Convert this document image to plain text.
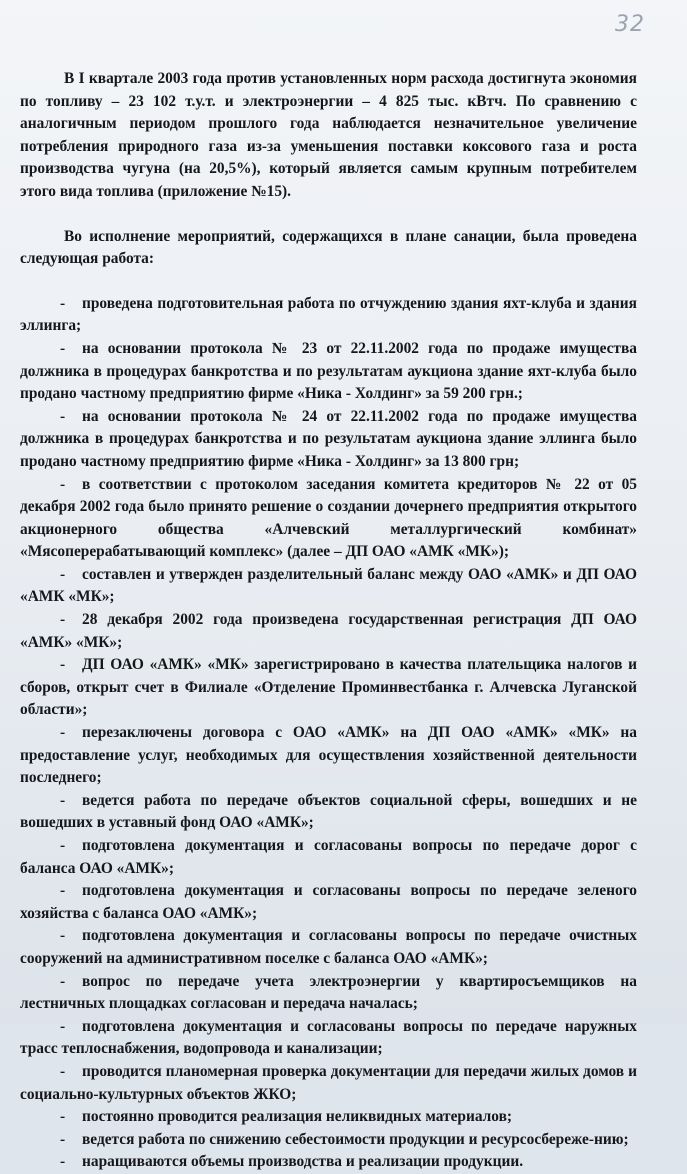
32

В I квартале 2003 года против установленных норм расхода достигнута экономия по топливу – 23 102 т.у.т. и электроэнергии – 4 825 тыс. кВтч. По сравнению с аналогичным периодом прошлого года наблюдается незначительное увеличение потребления природного газа из-за уменьшения поставки коксового газа и роста производства чугуна (на 20,5%), который является самым крупным потребителем этого вида топлива (приложение №15).

Во исполнение мероприятий, содержащихся в плане санации, была проведена следующая работа:

- проведена подготовительная работа по отчуждению здания яхт-клуба и здания эллинга;

- на основании протокола № 23 от 22.11.2002 года по продаже имущества должника в процедурах банкротства и по результатам аукциона здание яхт-клуба было продано частному предприятию фирме «Ника - Холдинг» за 59 200 грн.;

- на основании протокола № 24 от 22.11.2002 года по продаже имущества должника в процедурах банкротства и по результатам аукциона здание эллинга было продано частному предприятию фирме «Ника - Холдинг» за 13 800 грн;

- в соответствии с протоколом заседания комитета кредиторов № 22 от 05 декабря 2002 года было принято решение о создании дочернего предприятия открытого акционерного общества «Алчевский металлургический комбинат» «Мясоперерабатывающий комплекс» (далее – ДП ОАО «АМК «МК»);

- составлен и утвержден разделительный баланс между ОАО «АМК» и ДП ОАО «АМК «МК»;

- 28 декабря 2002 года произведена государственная регистрация ДП ОАО «АМК» «МК»;

- ДП ОАО «АМК» «МК» зарегистрировано в качества плательщика налогов и сборов, открыт счет в Филиале «Отделение Проминвестбанка г. Алчевска Луганской области»;

- перезаключены договора с ОАО «АМК» на ДП ОАО «АМК» «МК» на предоставление услуг, необходимых для осуществления хозяйственной деятельности последнего;

- ведется работа по передаче объектов социальной сферы, вошедших и не вошедших в уставный фонд ОАО «АМК»;

- подготовлена документация и согласованы вопросы по передаче дорог с баланса ОАО «АМК»;

- подготовлена документация и согласованы вопросы по передаче зеленого хозяйства с баланса ОАО «АМК»;

- подготовлена документация и согласованы вопросы по передаче очистных сооружений на административном поселке с баланса ОАО «АМК»;

- вопрос по передаче учета электроэнергии у квартиросъемщиков на лестничных площадках согласован и передача началась;

- подготовлена документация и согласованы вопросы по передаче наружных трасс теплоснабжения, водопровода и канализации;

- проводится планомерная проверка документации для передачи жилых домов и социально-культурных объектов ЖКО;

- постоянно проводится реализация неликвидных материалов;

- ведется работа по снижению себестоимости продукции и ресурсосбереже-нию;

- наращиваются объемы производства и реализации продукции.
